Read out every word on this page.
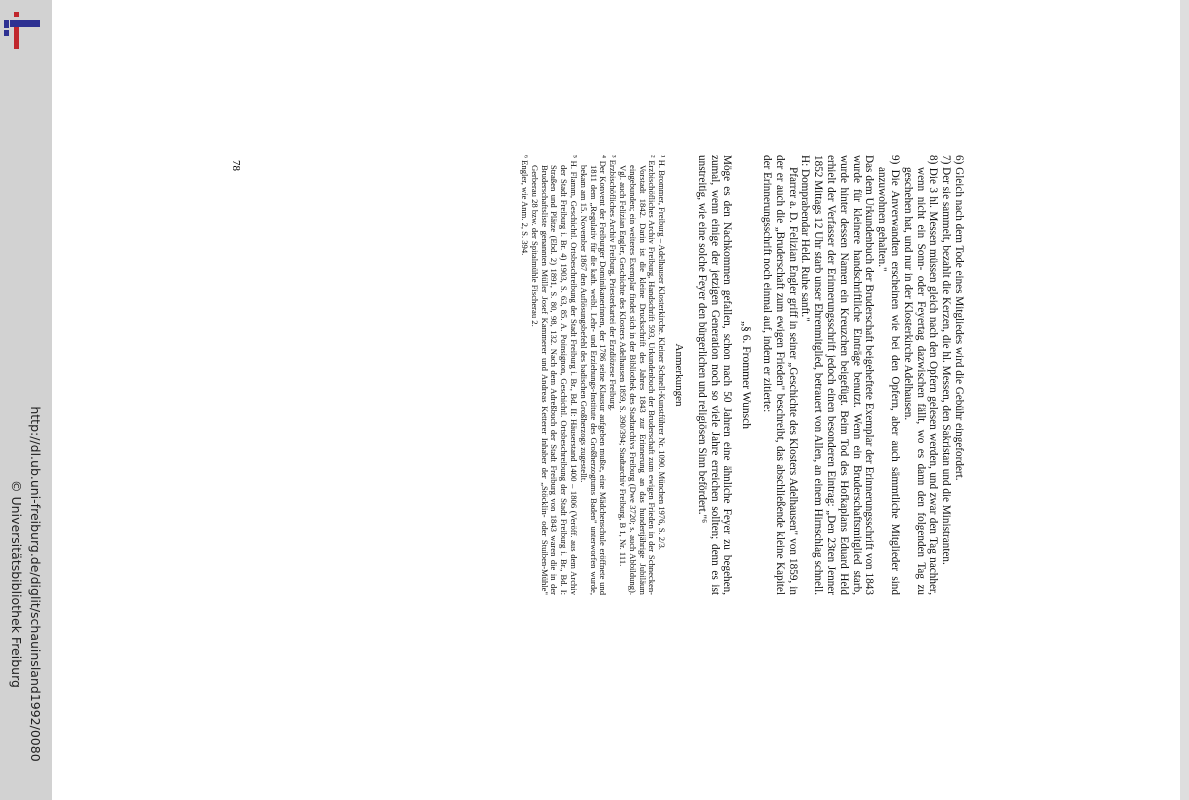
http://dl.ub.uni-freiburg.de/diglit/schauinsland1992/0080
© Universitätsbibliothek Freiburg

6) Gleich nach dem Tode eines Mitgliedes wird die Gebühr eingefordert.

7) Der sie sammelt, bezahlt die Kerzen, die hl. Messen, den Sakristan und die Ministranten.

8) Die 3 hl. Messen müssen gleich nach den Opfern gelesen werden, und zwar den Tag nachher, wenn nicht ein Sonn- oder Feyertag dazwischen fällt, wo es dann den folgenden Tag zu geschehen hat, und nur in der Klosterkirche Adelhausen.

9) Die Anverwandten erscheinen wie bei den Opfern, aber auch sämmtliche Mitglieder sind anzuwohnen gehalten."

Das dem Urkundenbuch der Bruderschaft beigeheftete Exemplar der Erinnerungsschrift von 1843 wurde für kleinere handschriftliche Einträge benutzt. Wenn ein Bruderschaftsmitglied starb, wurde hinter dessen Namen ein Kreuzchen beigefügt. Beim Tod des Hofkaplans Eduard Held erhielt der Verfasser der Erinnerungsschrift jedoch einen besonderen Eintrag: „Den 23ten Jenner 1852 Mittags 12 Uhr starb unser Ehrenmitglied, betrauert von Allen, an einem Hirnschlag schnell. H: Domprabendar Held. Ruhe sanft."

Pfarrer a. D. Felizian Engler griff in seiner „Geschichte des Klosters Adelhausen" von 1859, in der er auch die „Bruderschaft zum ewigen Frieden" beschreibt, das abschließende kleine Kapitel der Erinnerungsschrift noch einmal auf, indem er zitierte:

„§ 6. Frommer Wunsch

Möge es den Nachkommen gefallen, schon nach 50 Jahren eine ähnliche Feyer zu begehen, zumal, wenn einige der jetzigen Generation noch so viele Jahre erreichen sollten; denn es ist unstreitig, wie eine solche Feyer den bürgerlichen und religiösen Sinn befördert."⁶

Anmerkungen

¹ H. Brommer, Freiburg – Adelhauser Klosterkirche. Kleiner Schnell-Kunstführer Nr. 1090. München 1976, S. 2/3.

² Erzbischöfliches Archiv Freiburg, Handschrift 593, Urkundenbuch der Bruderschaft zum ewigen Frieden in der Schnecken-Vorstadt 1842. Darin ist die kleine Druckschrift des Jahres 1843 zur Erinnerung an das hundertjährige Jubiläum eingebunden; ein weiteres Exemplar findet sich in der Bibliothek des Stadtarchivs Freiburg (Dwe 3720; s. auch Abbildung). Vgl. auch Felizian Engler, Geschichte des Klosters Adelhausen 1859, S. 390/394; Stadtarchiv Freiburg, B 1, Nr. 111.

³ Erzbischöfliches Archiv Freiburg, Priesterkartei der Erzdiözese Freiburg.

⁴ Der Konvent der Freiburger Dominikanerinnen, der 1786 seine Klausur aufgeben mußte, eine Mädchenschule eröffnete und 1811 dem „Regulativ für die kath. weibl. Lehr- und Erziehungs-Institute des Großherzogtums Baden" unterworfen wurde, bekam am 15. November 1867 den Auflösungsbefehl des badischen Großherzogs zugestellt.

⁵ H. Flamm, Geschichtl. Ortsbeschreibung der Stadt Freiburg i. Br., Bd. II: Häuserstand 1400 – 1806 (Veröff. aus dem Archiv der Stadt Freiburg i. Br. 4) 1903, S. 63, 85. A. Poinsignon, Geschichtl. Ortsbeschreibung der Stadt Freiburg i. Br., Bd. I: Straßen und Plätze (Ebd. 2) 1891, S. 80, 98, 132. Nach dem Adreßbuch der Stadt Freiburg von 1843 waren die in der Bruderschaftsliste genannten Müller Josef Kammerer und Andreas Ketterer Inhaber der „Stöcklin- oder Stuiben-Mühle" Gerberau 28 bzw. der Spitalmühle Fischerau 2.

⁶ Engler, wie Anm. 2, S. 394.

78
